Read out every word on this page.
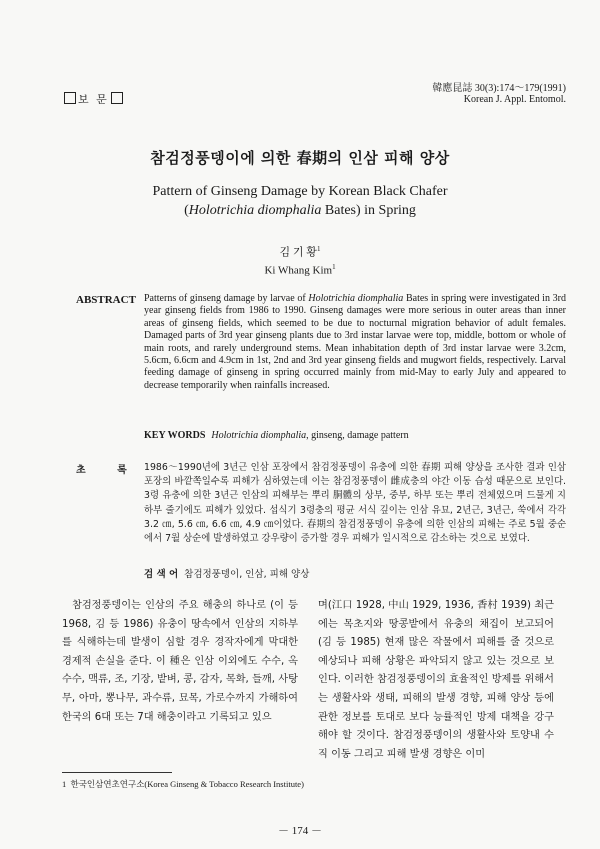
보 문
韓應昆誌 30(3):174～179(1991)
Korean J. Appl. Entomol.
참검정풍뎅이에 의한 春期의 인삼 피해 양상
Pattern of Ginseng Damage by Korean Black Chafer
(Holotrichia diomphalia Bates) in Spring
김 기 황$^1$
Ki Whang Kim$^1$
ABSTRACT Patterns of ginseng damage by larvae of Holotrichia diomphalia Bates in spring were investigated in 3rd year ginseng fields from 1986 to 1990. Ginseng damages were more serious in outer areas than inner areas of ginseng fields, which seemed to be due to nocturnal migration behavior of adult females. Damaged parts of 3rd year ginseng plants due to 3rd instar larvae were top, middle, bottom or whole of main roots, and rarely underground stems. Mean inhabitation depth of 3rd instar larvae were 3.2cm, 5.6cm, 6.6cm and 4.9cm in 1st, 2nd and 3rd year ginseng fields and mugwort fields, respectively. Larval feeding damage of ginseng in spring occurred mainly from mid-May to early July and appeared to decrease temporarily when rainfalls increased.
KEY WORDS Holotrichia diomphalia, ginseng, damage pattern
초 록 1986～1990년에 3년근 인삼 포장에서 참검정풍뎅이 유충에 의한 春期 피해 양상을 조사한 결과 인삼포장의 바깥쪽일수록 피해가 심하였는데 이는 참검정풍뎅이 雌成충의 야간 이동 습성 때문으로 보인다. 3령 유충에 의한 3년근 인삼의 피해부는 뿌리 胴體의 상부, 중부, 하부 또는 뿌리 전체였으며 드물게 지하부 줄기에도 피해가 있었다. 섭식기 3령충의 평균 서식 깊이는 인삼 유묘, 2년근, 3년근, 쑥에서 각각 3.2 ㎝, 5.6 ㎝, 6.6 ㎝, 4.9 ㎝이었다. 春期의 참검정풍뎅이 유충에 의한 인삼의 피해는 주로 5월 중순에서 7월 상순에 발생하였고 강우량이 증가할 경우 피해가 일시적으로 감소하는 것으로 보였다.
검 색 어 참검정풍뎅이, 인삼, 피해 양상

참검정풍뎅이는 인삼의 주요 해충의 하나로 (이 등 1968, 김 등 1986) 유충이 땅속에서 인삼의 지하부를 식해하는데 발생이 심할 경우 경작자에게 막대한 경제적 손실을 준다. 이 種은 인삼 이외에도 수수, 옥수수, 맥류, 조, 기장, 밭벼, 콩, 감자, 목화, 들깨, 사탕무, 아마, 뽕나무, 과수류, 묘목, 가로수까지 가해하여 한국의 6대 또는 7대 해충이라고 기록되고 있으

며(江口 1928, 中山 1929, 1936, 香村 1939) 최근에는 목초지와 땅콩밭에서 유충의 채집이 보고되어(김 등 1985) 현재 많은 작물에서 피해를 줄 것으로 예상되나 피해 상황은 파악되지 않고 있는 것으로 보인다. 이러한 참검정풍뎅이의 효율적인 방제를 위해서는 생활사와 생태, 피해의 발생 경향, 피해 양상 등에 관한 정보를 토대로 보다 능률적인 방제 대책을 강구해야 할 것이다. 참검정풍뎅이의 생활사와 토양내 수직 이동 그리고 피해 발생 경향은 이미

1 한국인삼연초연구소(Korea Ginseng & Tobacco Research Institute)
－ 174 －
